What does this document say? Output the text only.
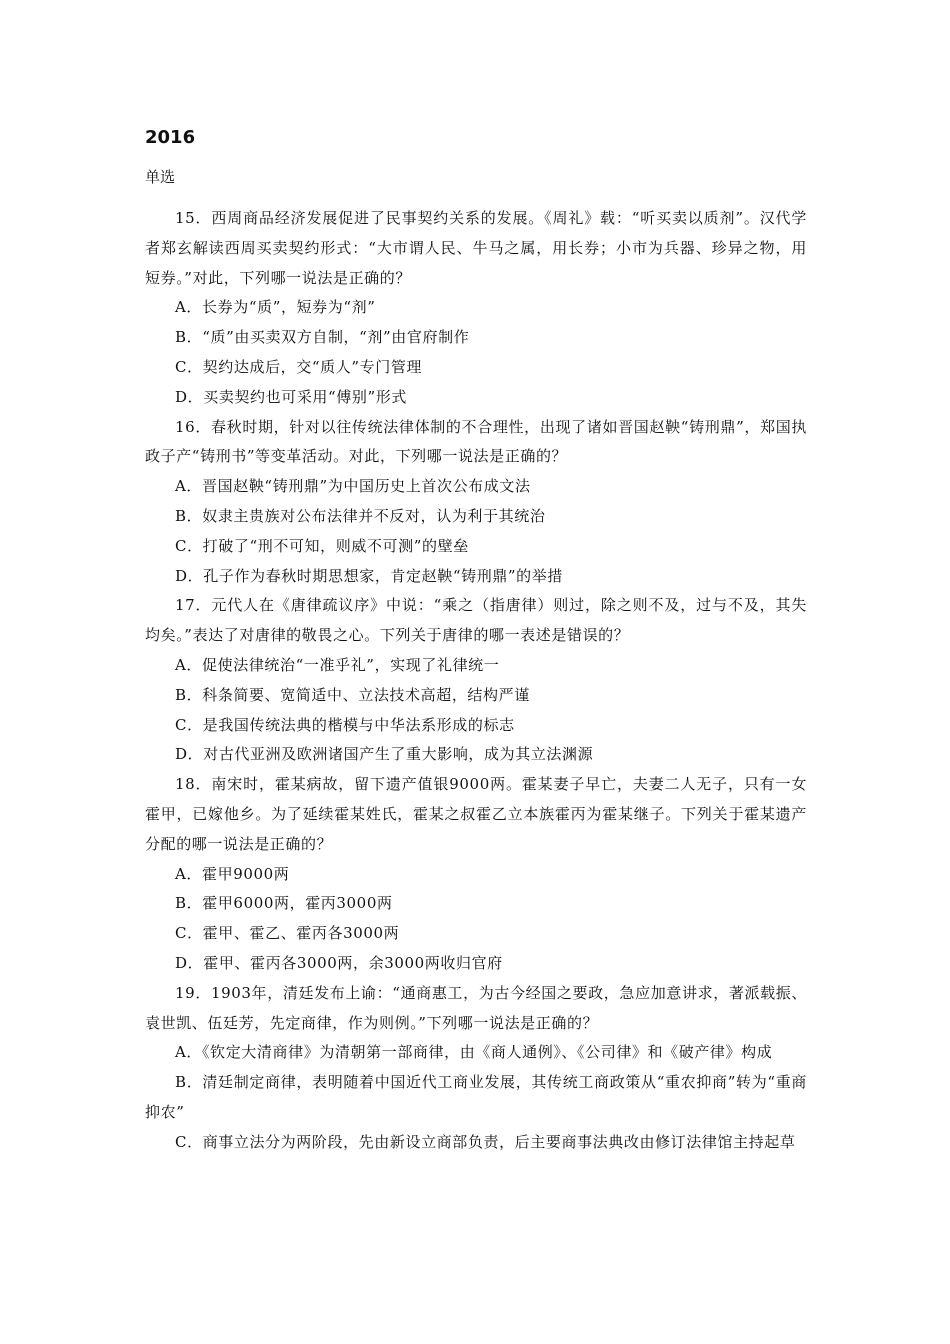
2016
单选

15．西周商品经济发展促进了民事契约关系的发展。《周礼》载：“听买卖以质剂”。汉代学者郑玄解读西周买卖契约形式：“大市谓人民、牛马之属，用长券；小市为兵器、珍异之物，用短券。”对此，下列哪一说法是正确的？

A．长券为“质”，短券为“剂”

B．“质”由买卖双方自制，“剂”由官府制作

C．契约达成后，交“质人”专门管理

D．买卖契约也可采用“傅别”形式

16．春秋时期，针对以往传统法律体制的不合理性，出现了诸如晋国赵鞅“铸刑鼎”，郑国执政子产“铸刑书”等变革活动。对此，下列哪一说法是正确的？

A．晋国赵鞅“铸刑鼎”为中国历史上首次公布成文法

B．奴隶主贵族对公布法律并不反对，认为利于其统治

C．打破了“刑不可知，则威不可测”的壁垒

D．孔子作为春秋时期思想家，肯定赵鞅“铸刑鼎”的举措

17．元代人在《唐律疏议序》中说：“乘之（指唐律）则过，除之则不及，过与不及，其失均矣。”表达了对唐律的敬畏之心。下列关于唐律的哪一表述是错误的？

A．促使法律统治“一准乎礼”，实现了礼律统一

B．科条简要、宽简适中、立法技术高超，结构严谨

C．是我国传统法典的楷模与中华法系形成的标志

D．对古代亚洲及欧洲诸国产生了重大影响，成为其立法渊源

18．南宋时，霍某病故，留下遗产值银9000两。霍某妻子早亡，夫妻二人无子，只有一女霍甲，已嫁他乡。为了延续霍某姓氏，霍某之叔霍乙立本族霍丙为霍某继子。下列关于霍某遗产分配的哪一说法是正确的？

A．霍甲9000两

B．霍甲6000两，霍丙3000两

C．霍甲、霍乙、霍丙各3000两

D．霍甲、霍丙各3000两，余3000两收归官府

19．1903年，清廷发布上谕：“通商惠工，为古今经国之要政，急应加意讲求，著派载振、袁世凯、伍廷芳，先定商律，作为则例。”下列哪一说法是正确的？

A．《钦定大清商律》为清朝第一部商律，由《商人通例》、《公司律》和《破产律》构成

B．清廷制定商律，表明随着中国近代工商业发展，其传统工商政策从“重农抑商”转为“重商抑农”

C．商事立法分为两阶段，先由新设立商部负责，后主要商事法典改由修订法律馆主持起草
